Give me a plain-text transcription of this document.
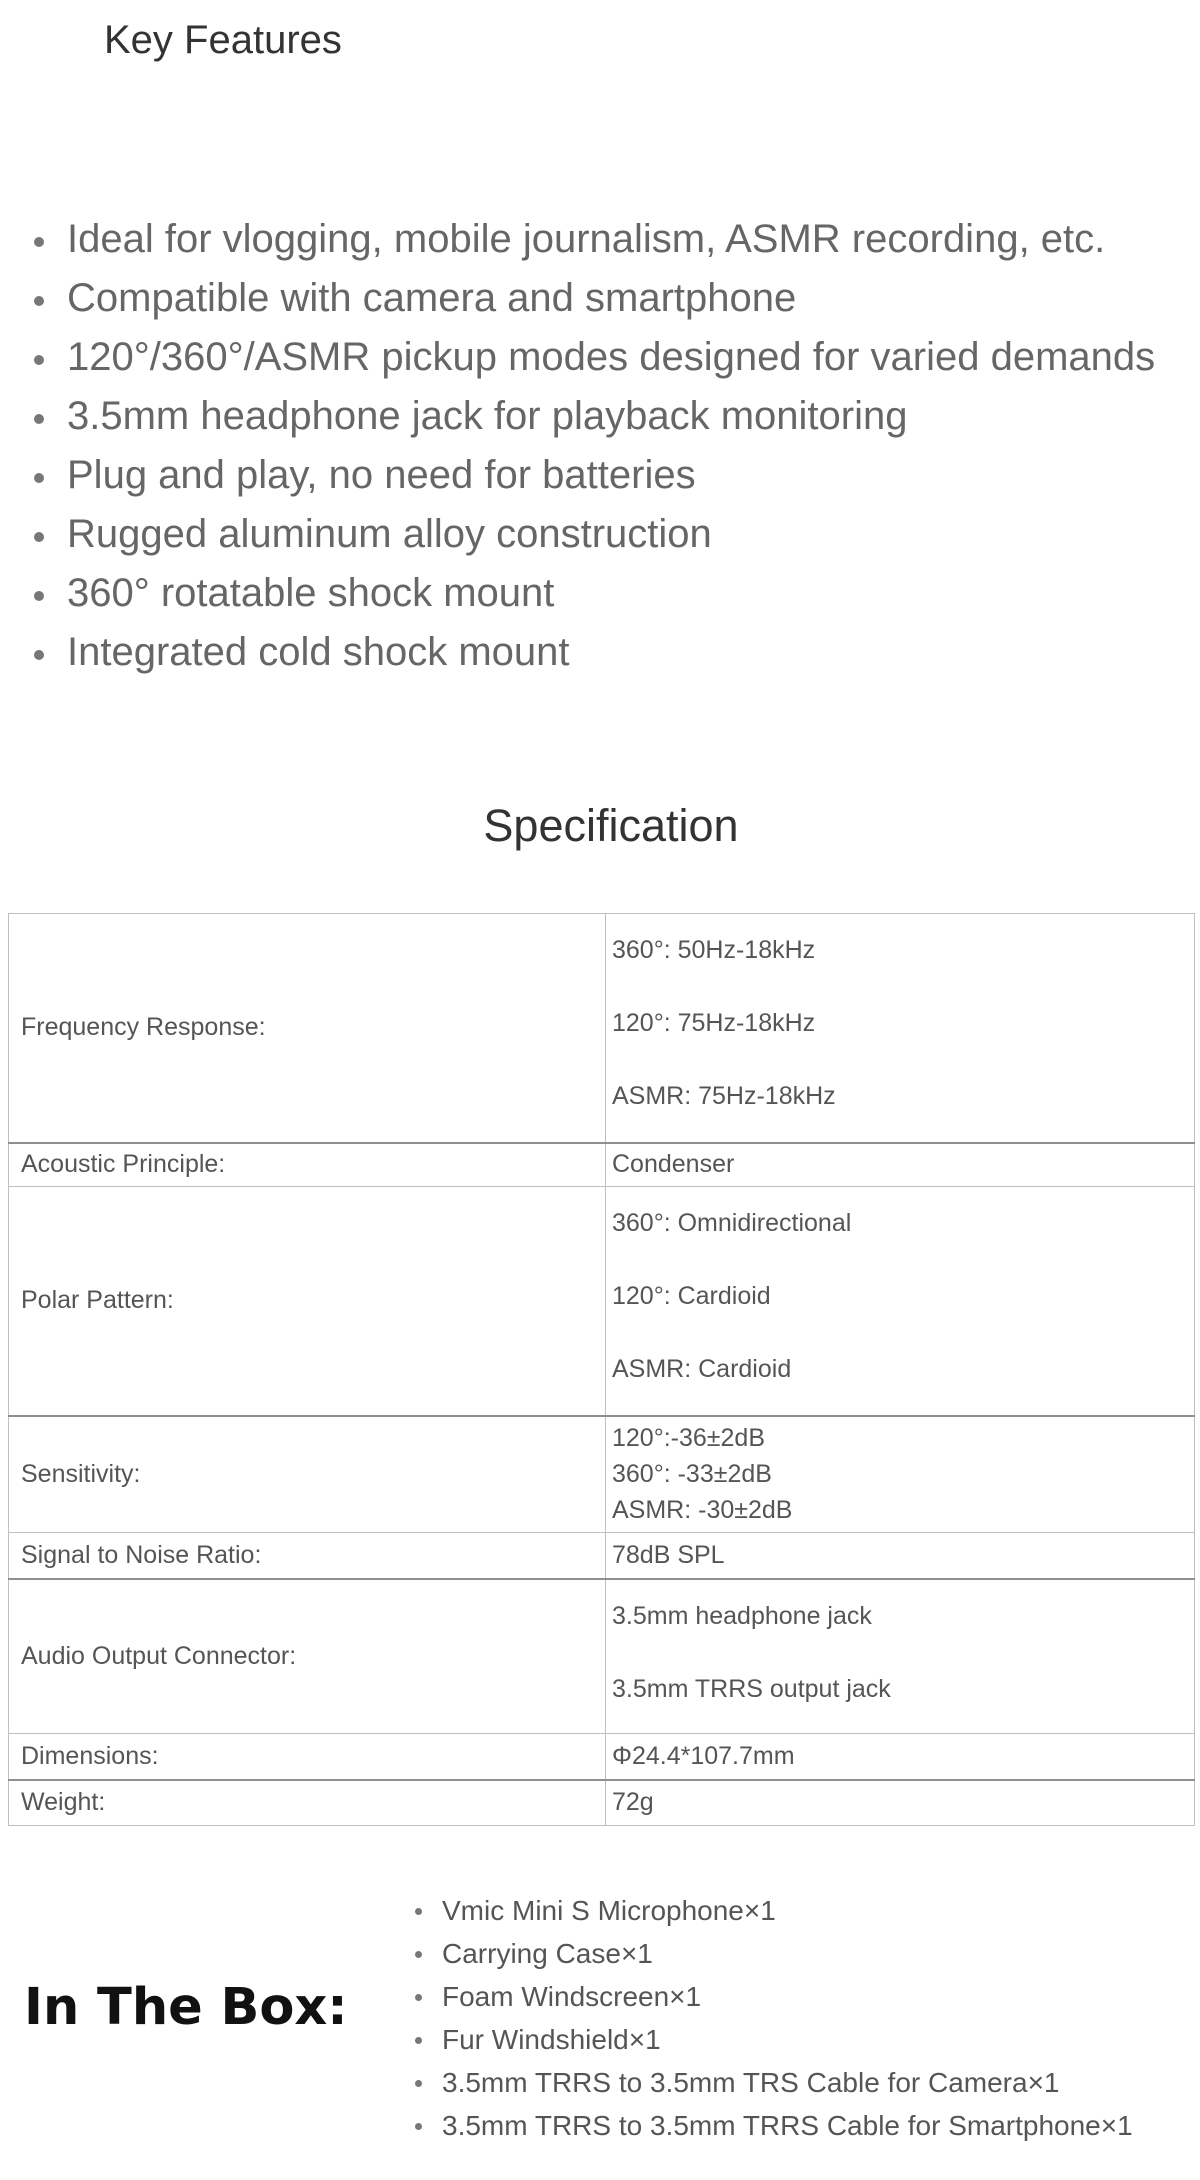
Key Features
Ideal for vlogging, mobile journalism, ASMR recording, etc.
Compatible with camera and smartphone
120°/360°/ASMR pickup modes designed for varied demands
3.5mm headphone jack for playback monitoring
Plug and play, no need for batteries
Rugged aluminum alloy construction
360° rotatable shock mount
Integrated cold shock mount
Specification
Frequency Response:	360°: 50Hz-18kHz
120°: 75Hz-18kHz
ASMR: 75Hz-18kHz

Acoustic Principle:	Condenser
Polar Pattern:	360°: Omnidirectional
120°: Cardioid
ASMR: Cardioid

Sensitivity:	120°:-36±2dB
360°: -33±2dB
ASMR: -30±2dB

Signal to Noise Ratio:	78dB SPL
Audio Output Connector:	3.5mm headphone jack
3.5mm TRRS output jack

Dimensions:	Φ24.4*107.7mm
Weight:	72g
In The Box:
Vmic Mini S Microphone×1
Carrying Case×1
Foam Windscreen×1
Fur Windshield×1
3.5mm TRRS to 3.5mm TRS Cable for Camera×1
3.5mm TRRS to 3.5mm TRRS Cable for Smartphone×1
